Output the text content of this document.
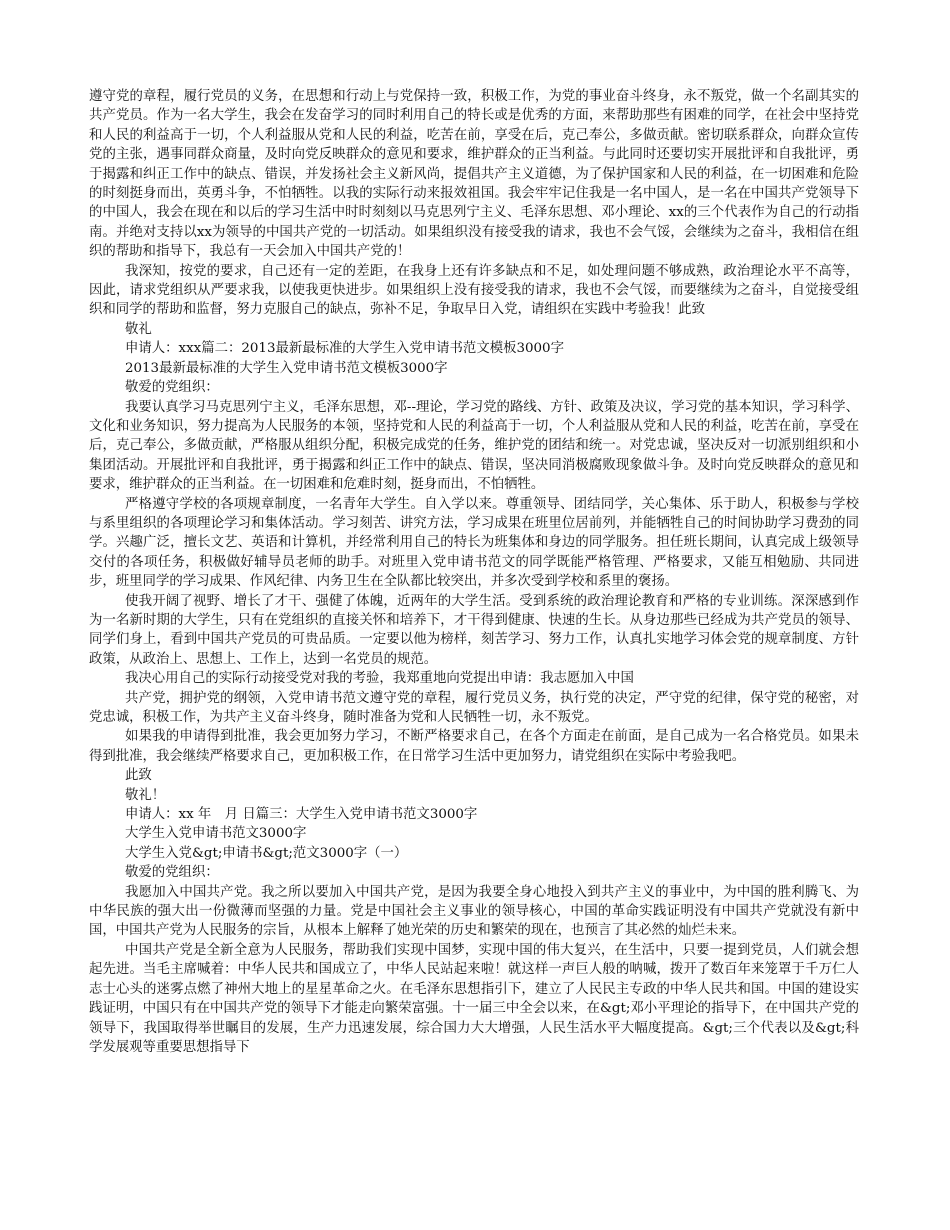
遵守党的章程，履行党员的义务，在思想和行动上与党保持一致，积极工作，为党的事业奋斗终身，永不叛党，做一个名副其实的共产党员。作为一名大学生，我会在发奋学习的同时利用自己的特长或是优秀的方面，来帮助那些有困难的同学，在社会中坚持党和人民的利益高于一切，个人利益服从党和人民的利益，吃苦在前，享受在后，克己奉公，多做贡献。密切联系群众，向群众宣传党的主张，遇事同群众商量，及时向党反映群众的意见和要求，维护群众的正当利益。与此同时还要切实开展批评和自我批评，勇于揭露和纠正工作中的缺点、错误，并发扬社会主义新风尚，提倡共产主义道德，为了保护国家和人民的利益，在一切困难和危险的时刻挺身而出，英勇斗争，不怕牺牲。以我的实际行动来报效祖国。我会牢牢记住我是一名中国人，是一名在中国共产党领导下的中国人，我会在现在和以后的学习生活中时时刻刻以马克思列宁主义、毛泽东思想、邓小理论、xx的三个代表作为自己的行动指南。并绝对支持以xx为领导的中国共产党的一切活动。如果组织没有接受我的请求，我也不会气馁，会继续为之奋斗，我相信在组织的帮助和指导下，我总有一天会加入中国共产党的！

我深知，按党的要求，自己还有一定的差距，在我身上还有许多缺点和不足，如处理问题不够成熟，政治理论水平不高等，因此，请求党组织从严要求我，以使我更快进步。如果组织上没有接受我的请求，我也不会气馁，而要继续为之奋斗，自觉接受组织和同学的帮助和监督，努力克服自己的缺点，弥补不足，争取早日入党，请组织在实践中考验我！此致

敬礼

申请人：xxx篇二：2013最新最标准的大学生入党申请书范文模板3000字

2013最新最标准的大学生入党申请书范文模板3000字

敬爱的党组织：

我要认真学习马克思列宁主义，毛泽东思想，邓--理论，学习党的路线、方针、政策及决议，学习党的基本知识，学习科学、文化和业务知识，努力提高为人民服务的本领，坚持党和人民的利益高于一切，个人利益服从党和人民的利益，吃苦在前，享受在后，克己奉公，多做贡献，严格服从组织分配，积极完成党的任务，维护党的团结和统一。对党忠诚，坚决反对一切派别组织和小集团活动。开展批评和自我批评，勇于揭露和纠正工作中的缺点、错误，坚决同消极腐败现象做斗争。及时向党反映群众的意见和要求，维护群众的正当利益。在一切困难和危难时刻，挺身而出，不怕牺牲。

严格遵守学校的各项规章制度，一名青年大学生。自入学以来。尊重领导、团结同学，关心集体、乐于助人，积极参与学校与系里组织的各项理论学习和集体活动。学习刻苦、讲究方法，学习成果在班里位居前列，并能牺牲自己的时间协助学习费劲的同学。兴趣广泛，擅长文艺、英语和计算机，并经常利用自己的特长为班集体和身边的同学服务。担任班长期间，认真完成上级领导交付的各项任务，积极做好辅导员老师的助手。对班里入党申请书范文的同学既能严格管理、严格要求，又能互相勉励、共同进步，班里同学的学习成果、作风纪律、内务卫生在全队都比较突出，并多次受到学校和系里的褒扬。

使我开阔了视野、增长了才干、强健了体魄，近两年的大学生活。受到系统的政治理论教育和严格的专业训练。深深感到作为一名新时期的大学生，只有在党组织的直接关怀和培养下，才干得到健康、快速的生长。从身边那些已经成为共产党员的领导、同学们身上，看到中国共产党员的可贵品质。一定要以他为榜样，刻苦学习、努力工作，认真扎实地学习体会党的规章制度、方针政策，从政治上、思想上、工作上，达到一名党员的规范。

我决心用自己的实际行动接受党对我的考验，我郑重地向党提出申请：我志愿加入中国

共产党，拥护党的纲领，入党申请书范文遵守党的章程，履行党员义务，执行党的决定，严守党的纪律，保守党的秘密，对党忠诚，积极工作，为共产主义奋斗终身，随时准备为党和人民牺牲一切，永不叛党。

如果我的申请得到批准，我会更加努力学习，不断严格要求自己，在各个方面走在前面，是自己成为一名合格党员。如果未得到批准，我会继续严格要求自己，更加积极工作，在日常学习生活中更加努力，请党组织在实际中考验我吧。

此致

敬礼！

申请人：xx 年　月 日篇三：大学生入党申请书范文3000字

大学生入党申请书范文3000字

大学生入党&gt;申请书&gt;范文3000字（一）

敬爱的党组织：

我愿加入中国共产党。我之所以要加入中国共产党，是因为我要全身心地投入到共产主义的事业中，为中国的胜利腾飞、为中华民族的强大出一份微薄而坚强的力量。党是中国社会主义事业的领导核心，中国的革命实践证明没有中国共产党就没有新中国，中国共产党为人民服务的宗旨，从根本上解释了她光荣的历史和繁荣的现在，也预言了其必然的灿烂未来。

中国共产党是全新全意为人民服务，帮助我们实现中国梦，实现中国的伟大复兴，在生活中，只要一提到党员，人们就会想起先进。当毛主席喊着：中华人民共和国成立了，中华人民站起来啦！就这样一声巨人般的呐喊，拨开了数百年来笼罩于千万仁人志士心头的迷雾点燃了神州大地上的星星革命之火。在毛泽东思想指引下，建立了人民民主专政的中华人民共和国。中国的建设实践证明，中国只有在中国共产党的领导下才能走向繁荣富强。十一届三中全会以来，在&gt;邓小平理论的指导下，在中国共产党的领导下，我国取得举世瞩目的发展，生产力迅速发展，综合国力大大增强，人民生活水平大幅度提高。&gt;三个代表以及&gt;科学发展观等重要思想指导下
